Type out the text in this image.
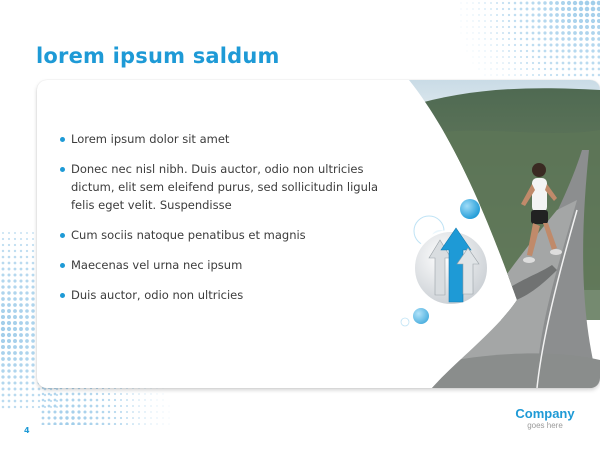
lorem ipsum saldum
Lorem ipsum dolor sit amet
Donec nec nisl nibh. Duis auctor, odio non ultricies dictum, elit sem eleifend purus, sed sollicitudin ligula felis eget velit. Suspendisse
Cum sociis natoque penatibus et magnis
Maecenas vel urna nec ipsum
Duis auctor, odio non ultricies
4
Company
goes here
